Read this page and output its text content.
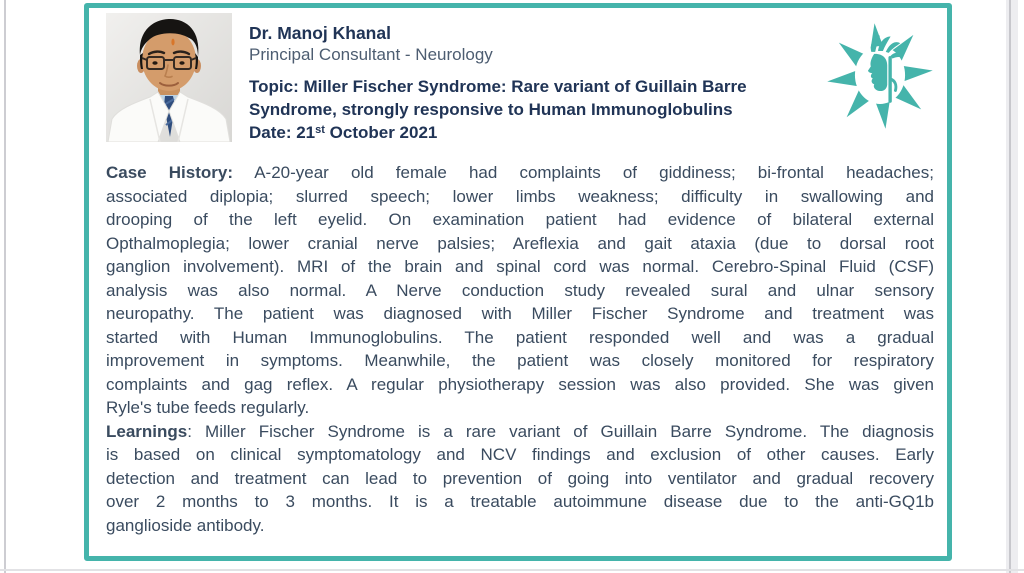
Dr. Manoj Khanal
Principal Consultant - Neurology
Topic: Miller Fischer Syndrome: Rare variant of Guillain Barre
Syndrome, strongly responsive to Human Immunoglobulins
Date: 21st October 2021
Case History: A-20-year old female had complaints of giddiness; bi-frontal headaches;
associated diplopia; slurred speech; lower limbs weakness; difficulty in swallowing and
drooping of the left eyelid. On examination patient had evidence of bilateral external
Opthalmoplegia; lower cranial nerve palsies; Areflexia and gait ataxia (due to dorsal root
ganglion involvement). MRI of the brain and spinal cord was normal. Cerebro-Spinal Fluid (CSF)
analysis was also normal. A Nerve conduction study revealed sural and ulnar sensory
neuropathy. The patient was diagnosed with Miller Fischer Syndrome and treatment was
started with Human Immunoglobulins. The patient responded well and was a gradual
improvement in symptoms. Meanwhile, the patient was closely monitored for respiratory
complaints and gag reflex. A regular physiotherapy session was also provided. She was given
Ryle's tube feeds regularly.
Learnings: Miller Fischer Syndrome is a rare variant of Guillain Barre Syndrome. The diagnosis
is based on clinical symptomatology and NCV findings and exclusion of other causes. Early
detection and treatment can lead to prevention of going into ventilator and gradual recovery
over 2 months to 3 months. It is a treatable autoimmune disease due to the anti-GQ1b
ganglioside antibody.
